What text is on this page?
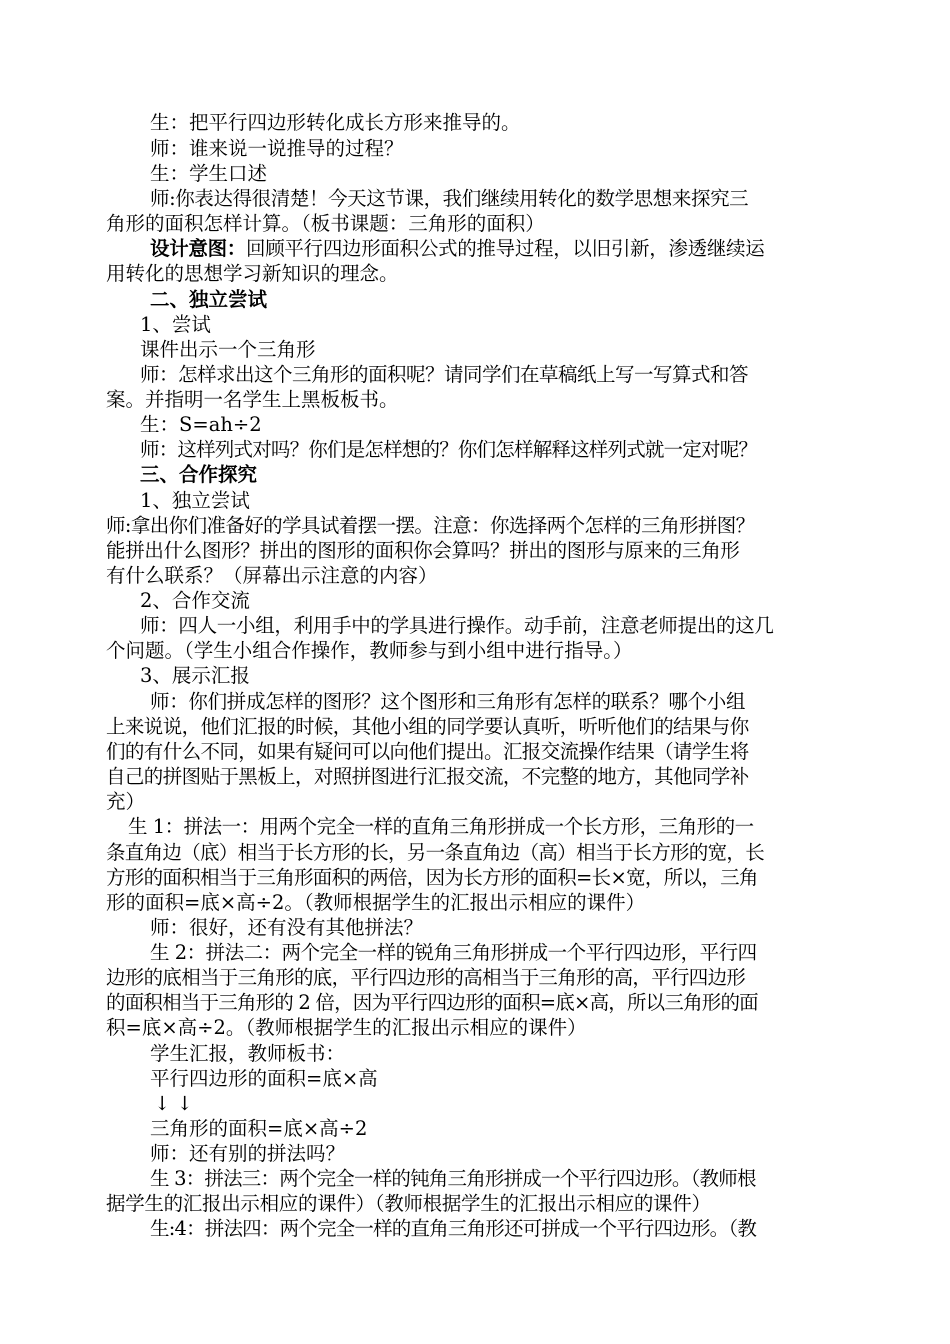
生：把平行四边形转化成长方形来推导的。
师：谁来说一说推导的过程？
生：学生口述
师:你表达得很清楚！今天这节课，我们继续用转化的数学思想来探究三
角形的面积怎样计算。（板书课题：三角形的面积）
设计意图：回顾平行四边形面积公式的推导过程，以旧引新，渗透继续运
用转化的思想学习新知识的理念。
二、独立尝试
1、尝试
课件出示一个三角形
师：怎样求出这个三角形的面积呢？请同学们在草稿纸上写一写算式和答
案。并指明一名学生上黑板板书。
生：S=ah÷2
师：这样列式对吗？你们是怎样想的？你们怎样解释这样列式就一定对呢？
三、合作探究
1、独立尝试
师:拿出你们准备好的学具试着摆一摆。注意：你选择两个怎样的三角形拼图？
能拼出什么图形？拼出的图形的面积你会算吗？拼出的图形与原来的三角形
有什么联系？（屏幕出示注意的内容）
2、合作交流
师：四人一小组，利用手中的学具进行操作。动手前，注意老师提出的这几
个问题。（学生小组合作操作，教师参与到小组中进行指导。）
3、展示汇报
师：你们拼成怎样的图形？这个图形和三角形有怎样的联系？哪个小组
上来说说，他们汇报的时候，其他小组的同学要认真听，听听他们的结果与你
们的有什么不同，如果有疑问可以向他们提出。汇报交流操作结果（请学生将
自己的拼图贴于黑板上，对照拼图进行汇报交流，不完整的地方，其他同学补
充）
生 1：拼法一：用两个完全一样的直角三角形拼成一个长方形，三角形的一
条直角边（底）相当于长方形的长，另一条直角边（高）相当于长方形的宽，长
方形的面积相当于三角形面积的两倍，因为长方形的面积=长×宽，所以，三角
形的面积=底×高÷2。（教师根据学生的汇报出示相应的课件）
师：很好，还有没有其他拼法？
生 2：拼法二：两个完全一样的锐角三角形拼成一个平行四边形，平行四
边形的底相当于三角形的底，平行四边形的高相当于三角形的高，平行四边形
的面积相当于三角形的 2 倍，因为平行四边形的面积=底×高，所以三角形的面
积=底×高÷2。（教师根据学生的汇报出示相应的课件）
学生汇报，教师板书：
平行四边形的面积=底×高
↓ ↓
三角形的面积=底×高÷2
师：还有别的拼法吗？
生 3：拼法三：两个完全一样的钝角三角形拼成一个平行四边形。（教师根
据学生的汇报出示相应的课件）（教师根据学生的汇报出示相应的课件）
生:4：拼法四：两个完全一样的直角三角形还可拼成一个平行四边形。（教
